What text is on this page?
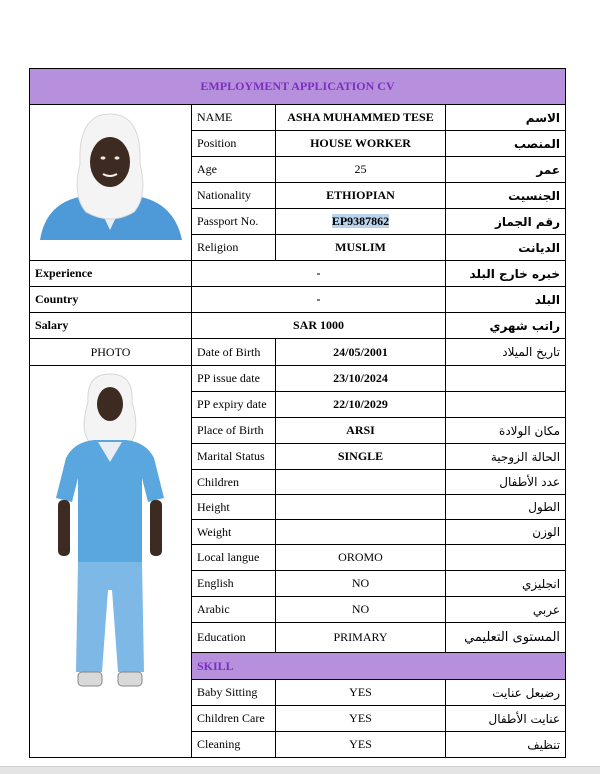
EMPLOYMENT APPLICATION CV			

	NAME	ASHA MUHAMMED TESE	الاسم
	Position	HOUSE WORKER	المنصب
	Age	25	عمر
	Nationality	ETHIOPIAN	الجنسيت
	Passport No.	EP9387862	رقم الجماز
	Religion	MUSLIM	الديانت
Experience	-		خبره خارج البلد
Country	-		البلد
Salary	SAR 1000		راتب شهري
PHOTO	Date of Birth	24/05/2001	تاريخ الميلاد

	PP issue date	23/10/2024	
	PP expiry date	22/10/2029	
	Place of Birth	ARSI	مكان الولادة
	Marital Status	SINGLE	الحالة الزوجية
	Children		عدد الأطفال
	Height		الطول
	Weight		الوزن
	Local langue	OROMO	
	English	NO	انجليزي
	Arabic	NO	عربي
	Education	PRIMARY	المستوى التعليمي
	SKILL		
	Baby Sitting	YES	رضيعل عنايت
	Children Care	YES	عنايت الأطفال
	Cleaning	YES	تنظيف
